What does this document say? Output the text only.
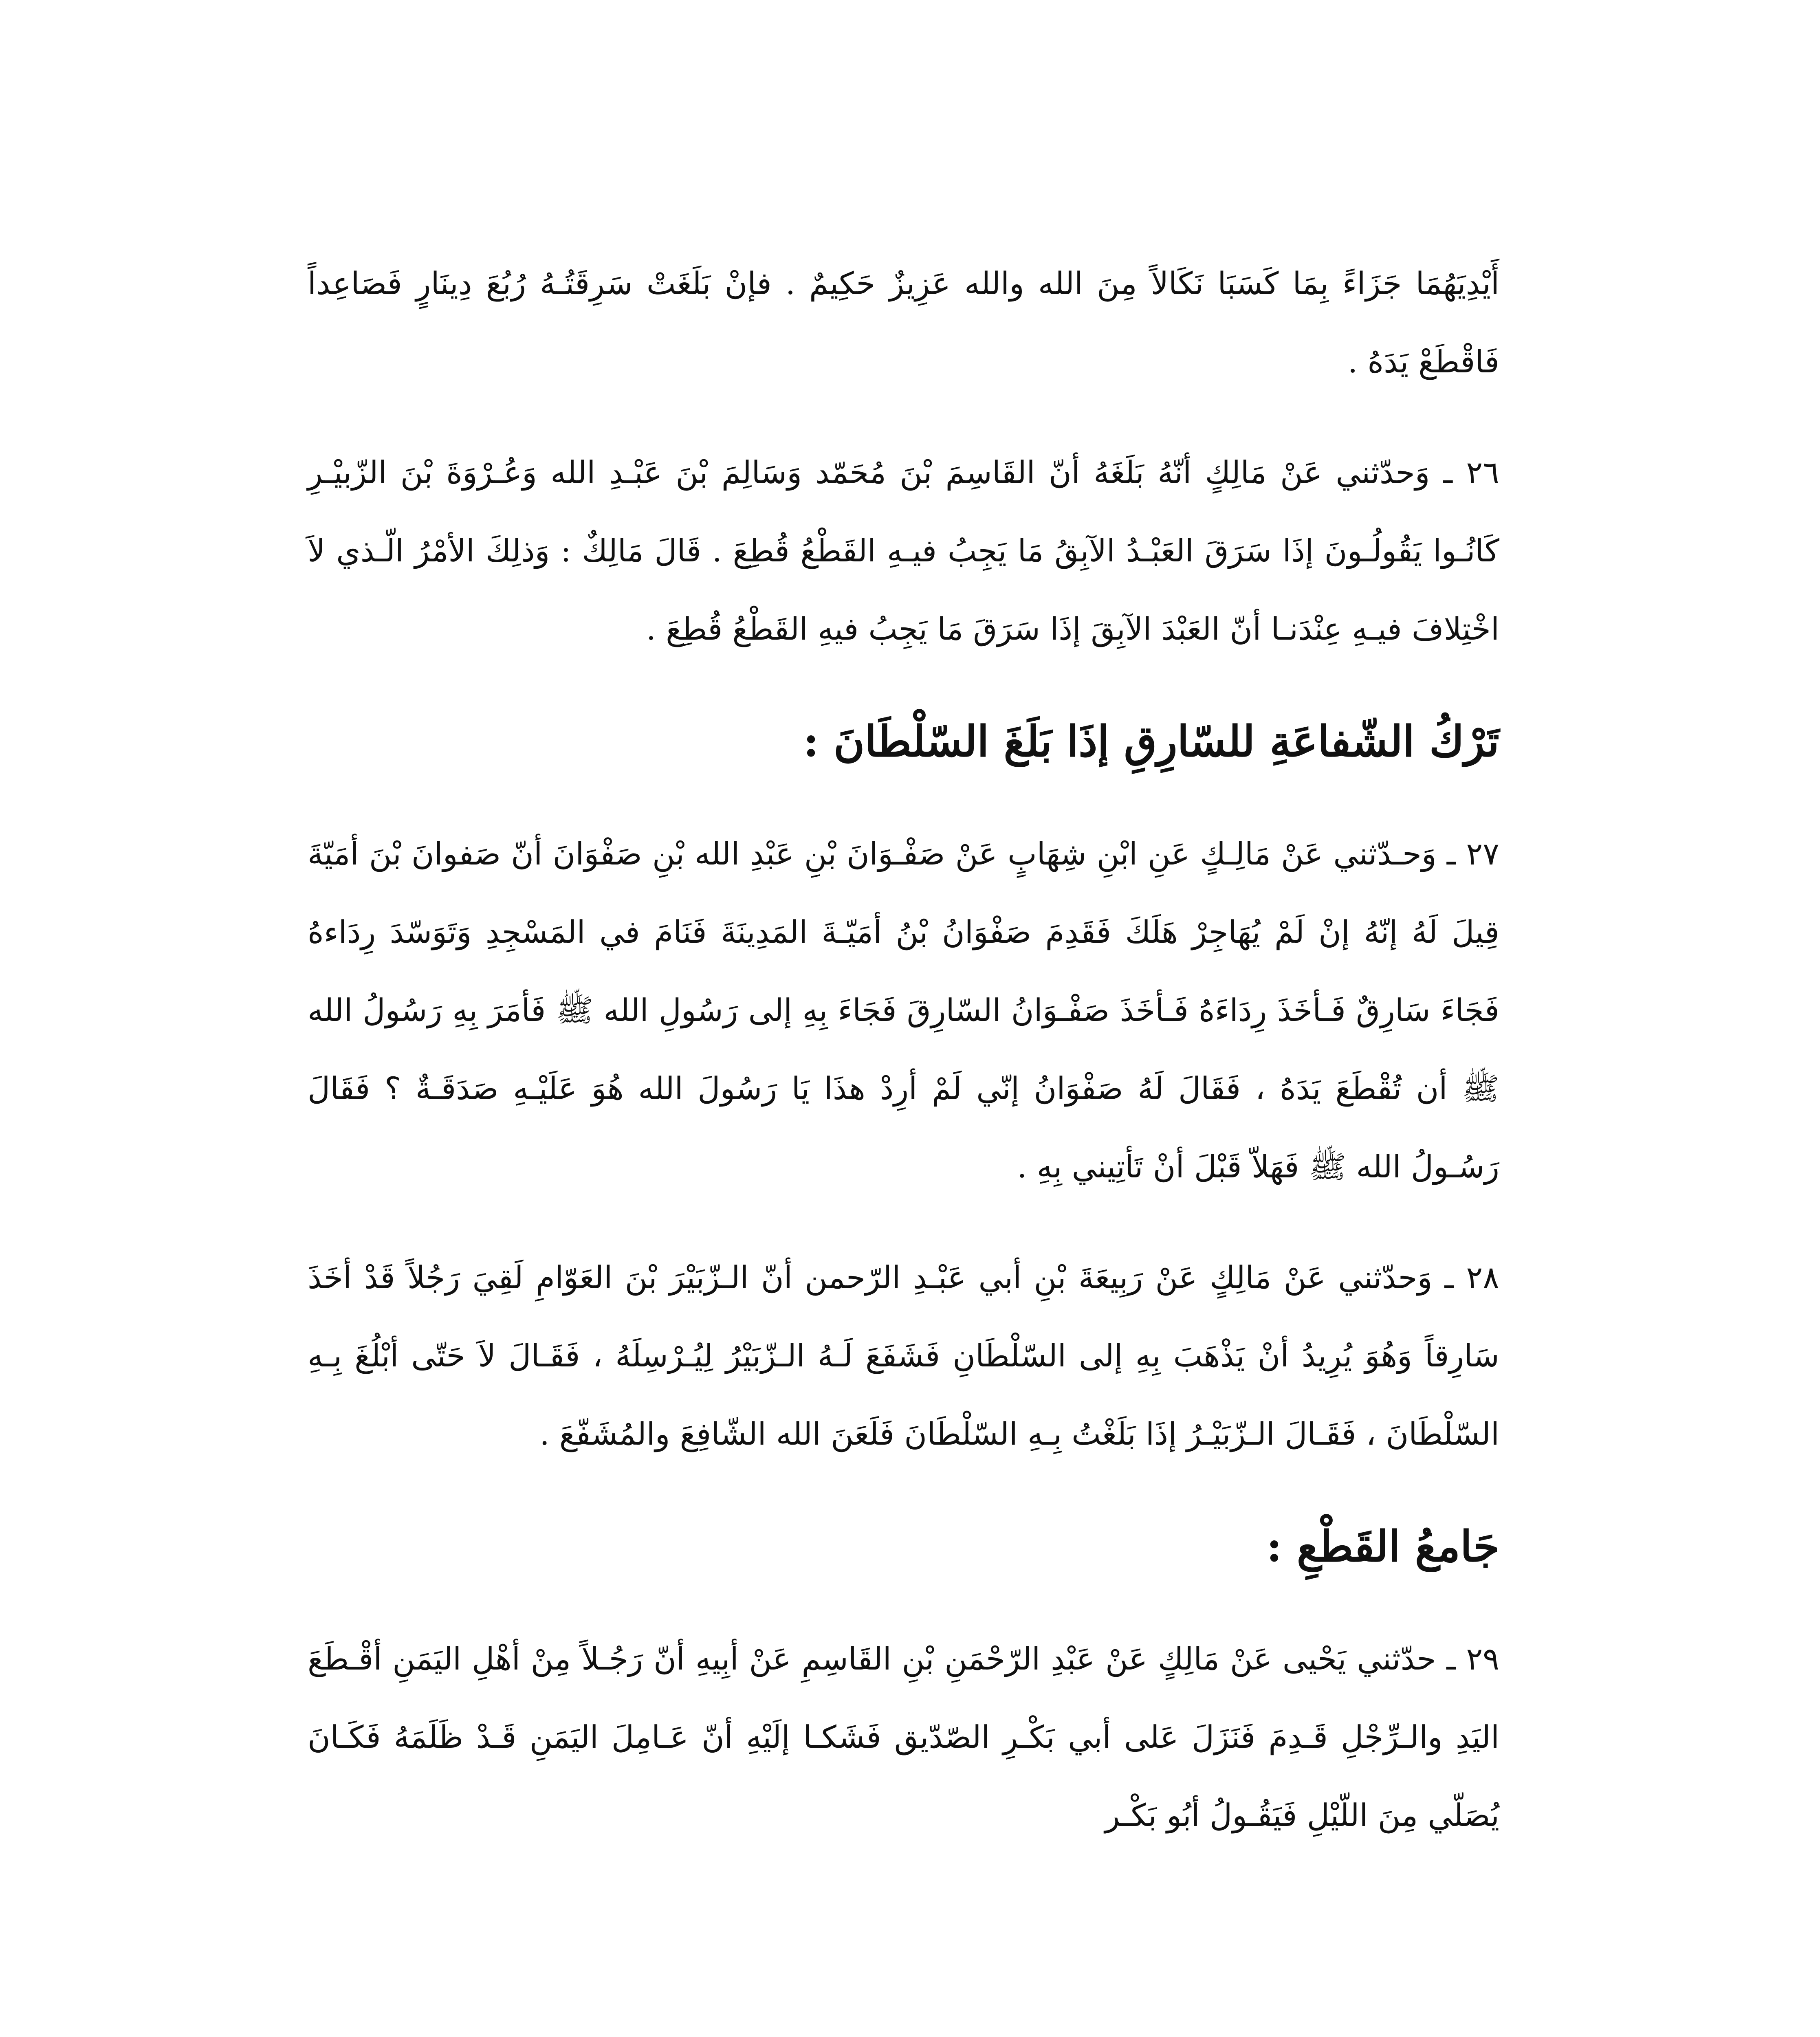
أَيْدِيَهُمَا جَزَاءً بِمَا كَسَبَا نَكَالاً مِنَ الله والله عَزِيزٌ حَكِيمٌ . فإنْ بَلَغَتْ سَرِقَتُـهُ رُبُعَ دِينَارٍ فَصَاعِداً فَاقْطَعْ يَدَهُ .

٢٦ ـ وَحدّثني عَنْ مَالِكٍ أنّهُ بَلَغَهُ أنّ القَاسِمَ بْنَ مُحَمّد وَسَالِمَ بْنَ عَبْـدِ الله وَعُـرْوَةَ بْنَ الزّبيْـرِ كَانُـوا يَقُولُـونَ إذَا سَرَقَ العَبْـدُ الآبِقُ مَا يَجِبُ فيـهِ القَطْعُ قُطِعَ . قَالَ مَالِكٌ : وَذلِكَ الأمْرُ الّـذي لاَ اخْتِلافَ فيـهِ عِنْدَنـا أنّ العَبْدَ الآبِقَ إذَا سَرَقَ مَا يَجِبُ فيهِ القَطْعُ قُطِعَ .

تَرْكُ الشّفاعَةِ للسّارِقِ إذَا بَلَغَ السّلْطَانَ :

٢٧ ـ وَحـدّثني عَنْ مَالِـكٍ عَنِ ابْنِ شِهَابٍ عَنْ صَفْـوَانَ بْنِ عَبْدِ الله بْنِ صَفْوَانَ أنّ صَفوانَ بْنَ أمَيّةَ قِيلَ لَهُ إنّهُ إنْ لَمْ يُهَاجِرْ هَلَكَ فَقَدِمَ صَفْوَانُ بْنُ أمَيّـةَ المَدِينَةَ فَنَامَ في المَسْجِدِ وَتَوَسّدَ رِدَاءهُ فَجَاءَ سَارِقٌ فَـأخَذَ رِدَاءَهُ فَـأخَذَ صَفْـوَانُ السّارِقَ فَجَاءَ بِهِ إلى رَسُولِ الله ﷺ فَأمَرَ بِهِ رَسُولُ الله ﷺ أن تُقْطَعَ يَدَهُ ، فَقَالَ لَهُ صَفْوَانُ إنّي لَمْ أرِدْ هذَا يَا رَسُولَ الله هُوَ عَلَيْـهِ صَدَقَـةٌ ؟ فَقَالَ رَسُـولُ الله ﷺ فَهَلاّ قَبْلَ أنْ تَأتِيني بِهِ .

٢٨ ـ وَحدّثني عَنْ مَالِكٍ عَنْ رَبِيعَةَ بْنِ أبي عَبْـدِ الرّحمن أنّ الـزّبَيْرَ بْنَ العَوّامِ لَقِيَ رَجُلاً قَدْ أخَذَ سَارِقاً وَهُوَ يُرِيدُ أنْ يَذْهَبَ بِهِ إلى السّلْطَانِ فَشَفَعَ لَـهُ الـزّبَيْرُ لِيُـرْسِلَهُ ، فَقَـالَ لاَ حَتّى أبْلُغَ بِـهِ السّلْطَانَ ، فَقَـالَ الـزّبَيْـرُ إذَا بَلَغْتُ بِـهِ السّلْطَانَ فَلَعَنَ الله الشّافِعَ والمُشَفّعَ .

جَامعُ القَطْعِ :

٢٩ ـ حدّثني يَحْيى عَنْ مَالِكٍ عَنْ عَبْدِ الرّحْمَنِ بْنِ القَاسِمِ عَنْ أبِيهِ أنّ رَجُـلاً مِنْ أهْلِ اليَمَنِ أقْـطَعَ اليَدِ والـرِّجْلِ قَـدِمَ فَنَزَلَ عَلى أبي بَكْـرِ الصّدّيق فَشَكـا إلَيْهِ أنّ عَـامِلَ اليَمَنِ قَـدْ ظَلَمَهُ فَكَـانَ يُصَلّي مِنَ اللّيْلِ فَيَقُـولُ أبُو بَكْـر
